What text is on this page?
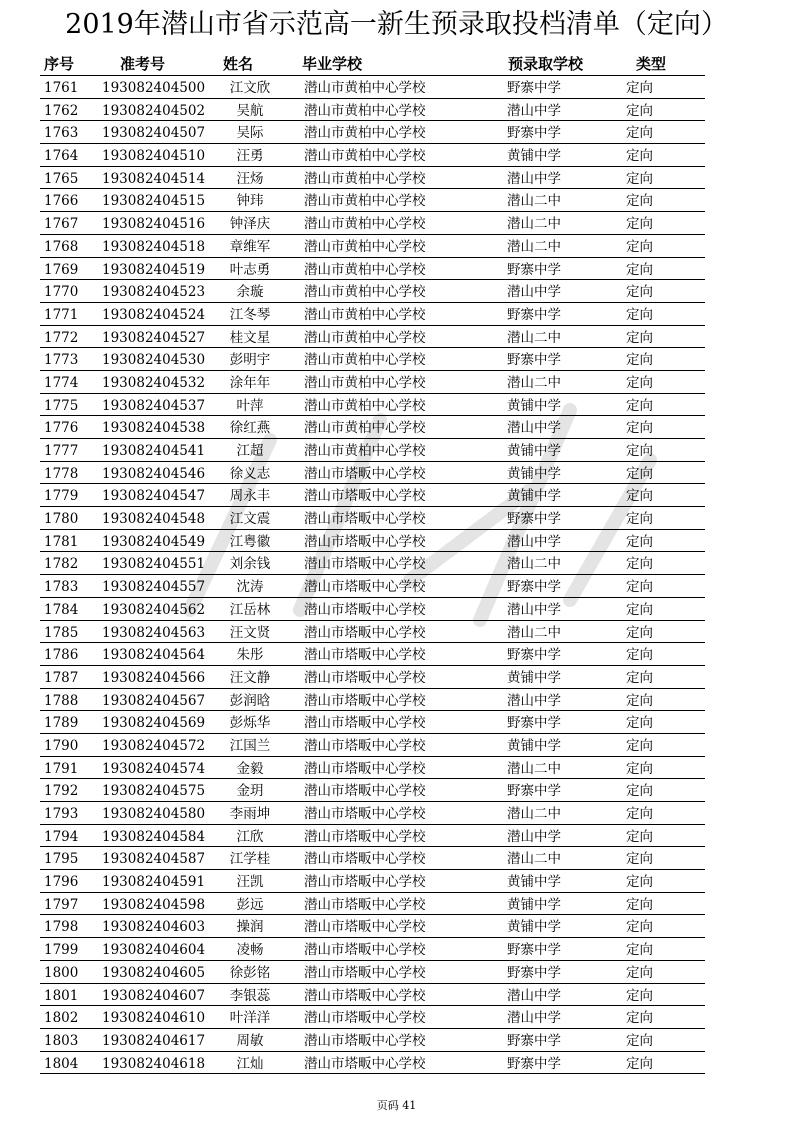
2019年潜山市省示范高一新生预录取投档清单（定向）
序号	准考号	姓名	毕业学校	预录取学校	类型
1761 193082404500	江文欣	潜山市黄柏中心学校	野寨中学	定向
1762 193082404502	吴航	潜山市黄柏中心学校	潜山中学	定向
1763 193082404507	吴际	潜山市黄柏中心学校	野寨中学	定向
1764 193082404510	汪勇	潜山市黄柏中心学校	黄铺中学	定向
1765 193082404514	汪炀	潜山市黄柏中心学校	潜山中学	定向
1766 193082404515	钟玮	潜山市黄柏中心学校	潜山二中	定向
1767 193082404516	钟泽庆	潜山市黄柏中心学校	潜山二中	定向
1768 193082404518	章维军	潜山市黄柏中心学校	潜山二中	定向
1769 193082404519	叶志勇	潜山市黄柏中心学校	野寨中学	定向
1770 193082404523	余璇	潜山市黄柏中心学校	潜山中学	定向
1771 193082404524	江冬琴	潜山市黄柏中心学校	野寨中学	定向
1772 193082404527	桂文星	潜山市黄柏中心学校	潜山二中	定向
1773 193082404530	彭明宇	潜山市黄柏中心学校	野寨中学	定向
1774 193082404532	涂年年	潜山市黄柏中心学校	潜山二中	定向
1775 193082404537	叶萍	潜山市黄柏中心学校	黄铺中学	定向
1776 193082404538	徐红燕	潜山市黄柏中心学校	潜山中学	定向
1777 193082404541	江超	潜山市黄柏中心学校	黄铺中学	定向
1778 193082404546	徐义志	潜山市塔畈中心学校	黄铺中学	定向
1779 193082404547	周永丰	潜山市塔畈中心学校	黄铺中学	定向
1780 193082404548	江文震	潜山市塔畈中心学校	野寨中学	定向
1781 193082404549	江粤徽	潜山市塔畈中心学校	潜山中学	定向
1782 193082404551	刘余钱	潜山市塔畈中心学校	潜山二中	定向
1783 193082404557	沈涛	潜山市塔畈中心学校	野寨中学	定向
1784 193082404562	江岳林	潜山市塔畈中心学校	潜山中学	定向
1785 193082404563	汪文贤	潜山市塔畈中心学校	潜山二中	定向
1786 193082404564	朱彤	潜山市塔畈中心学校	野寨中学	定向
1787 193082404566	汪文静	潜山市塔畈中心学校	黄铺中学	定向
1788 193082404567	彭润晗	潜山市塔畈中心学校	潜山中学	定向
1789 193082404569	彭烁华	潜山市塔畈中心学校	野寨中学	定向
1790 193082404572	江国兰	潜山市塔畈中心学校	黄铺中学	定向
1791 193082404574	金毅	潜山市塔畈中心学校	潜山二中	定向
1792 193082404575	金玥	潜山市塔畈中心学校	野寨中学	定向
1793 193082404580	李雨坤	潜山市塔畈中心学校	潜山二中	定向
1794 193082404584	江欣	潜山市塔畈中心学校	潜山中学	定向
1795 193082404587	江学桂	潜山市塔畈中心学校	潜山二中	定向
1796 193082404591	汪凯	潜山市塔畈中心学校	黄铺中学	定向
1797 193082404598	彭远	潜山市塔畈中心学校	黄铺中学	定向
1798 193082404603	操润	潜山市塔畈中心学校	黄铺中学	定向
1799 193082404604	凌畅	潜山市塔畈中心学校	野寨中学	定向
1800 193082404605	徐彭铭	潜山市塔畈中心学校	野寨中学	定向
1801 193082404607	李银蕊	潜山市塔畈中心学校	潜山中学	定向
1802 193082404610	叶洋洋	潜山市塔畈中心学校	潜山中学	定向
1803 193082404617	周敏	潜山市塔畈中心学校	野寨中学	定向
1804 193082404618	江灿	潜山市塔畈中心学校	野寨中学	定向
页码 41
